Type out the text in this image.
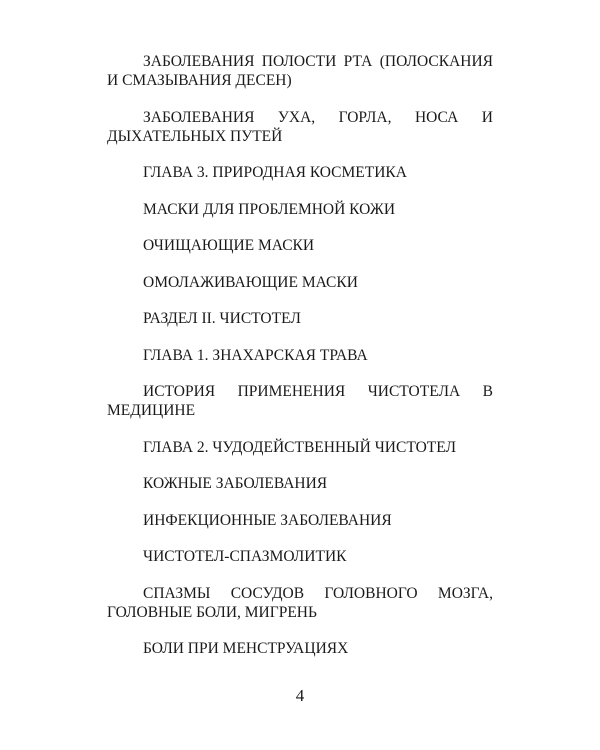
ЗАБОЛЕВАНИЯ ПОЛОСТИ РТА (ПОЛОСКАНИЯ И СМАЗЫВАНИЯ ДЕСЕН)

ЗАБОЛЕВАНИЯ УХА, ГОРЛА, НОСА И ДЫХАТЕЛЬНЫХ ПУТЕЙ

ГЛАВА 3. ПРИРОДНАЯ КОСМЕТИКА

МАСКИ ДЛЯ ПРОБЛЕМНОЙ КОЖИ

ОЧИЩАЮЩИЕ МАСКИ

ОМОЛАЖИВАЮЩИЕ МАСКИ

РАЗДЕЛ II. ЧИСТОТЕЛ

ГЛАВА 1. ЗНАХАРСКАЯ ТРАВА

ИСТОРИЯ ПРИМЕНЕНИЯ ЧИСТОТЕЛА В МЕДИЦИНЕ

ГЛАВА 2. ЧУДОДЕЙСТВЕННЫЙ ЧИСТОТЕЛ

КОЖНЫЕ ЗАБОЛЕВАНИЯ

ИНФЕКЦИОННЫЕ ЗАБОЛЕВАНИЯ

ЧИСТОТЕЛ-СПАЗМОЛИТИК

СПАЗМЫ СОСУДОВ ГОЛОВНОГО МОЗГА, ГОЛОВНЫЕ БОЛИ, МИГРЕНЬ

БОЛИ ПРИ МЕНСТРУАЦИЯХ

4
